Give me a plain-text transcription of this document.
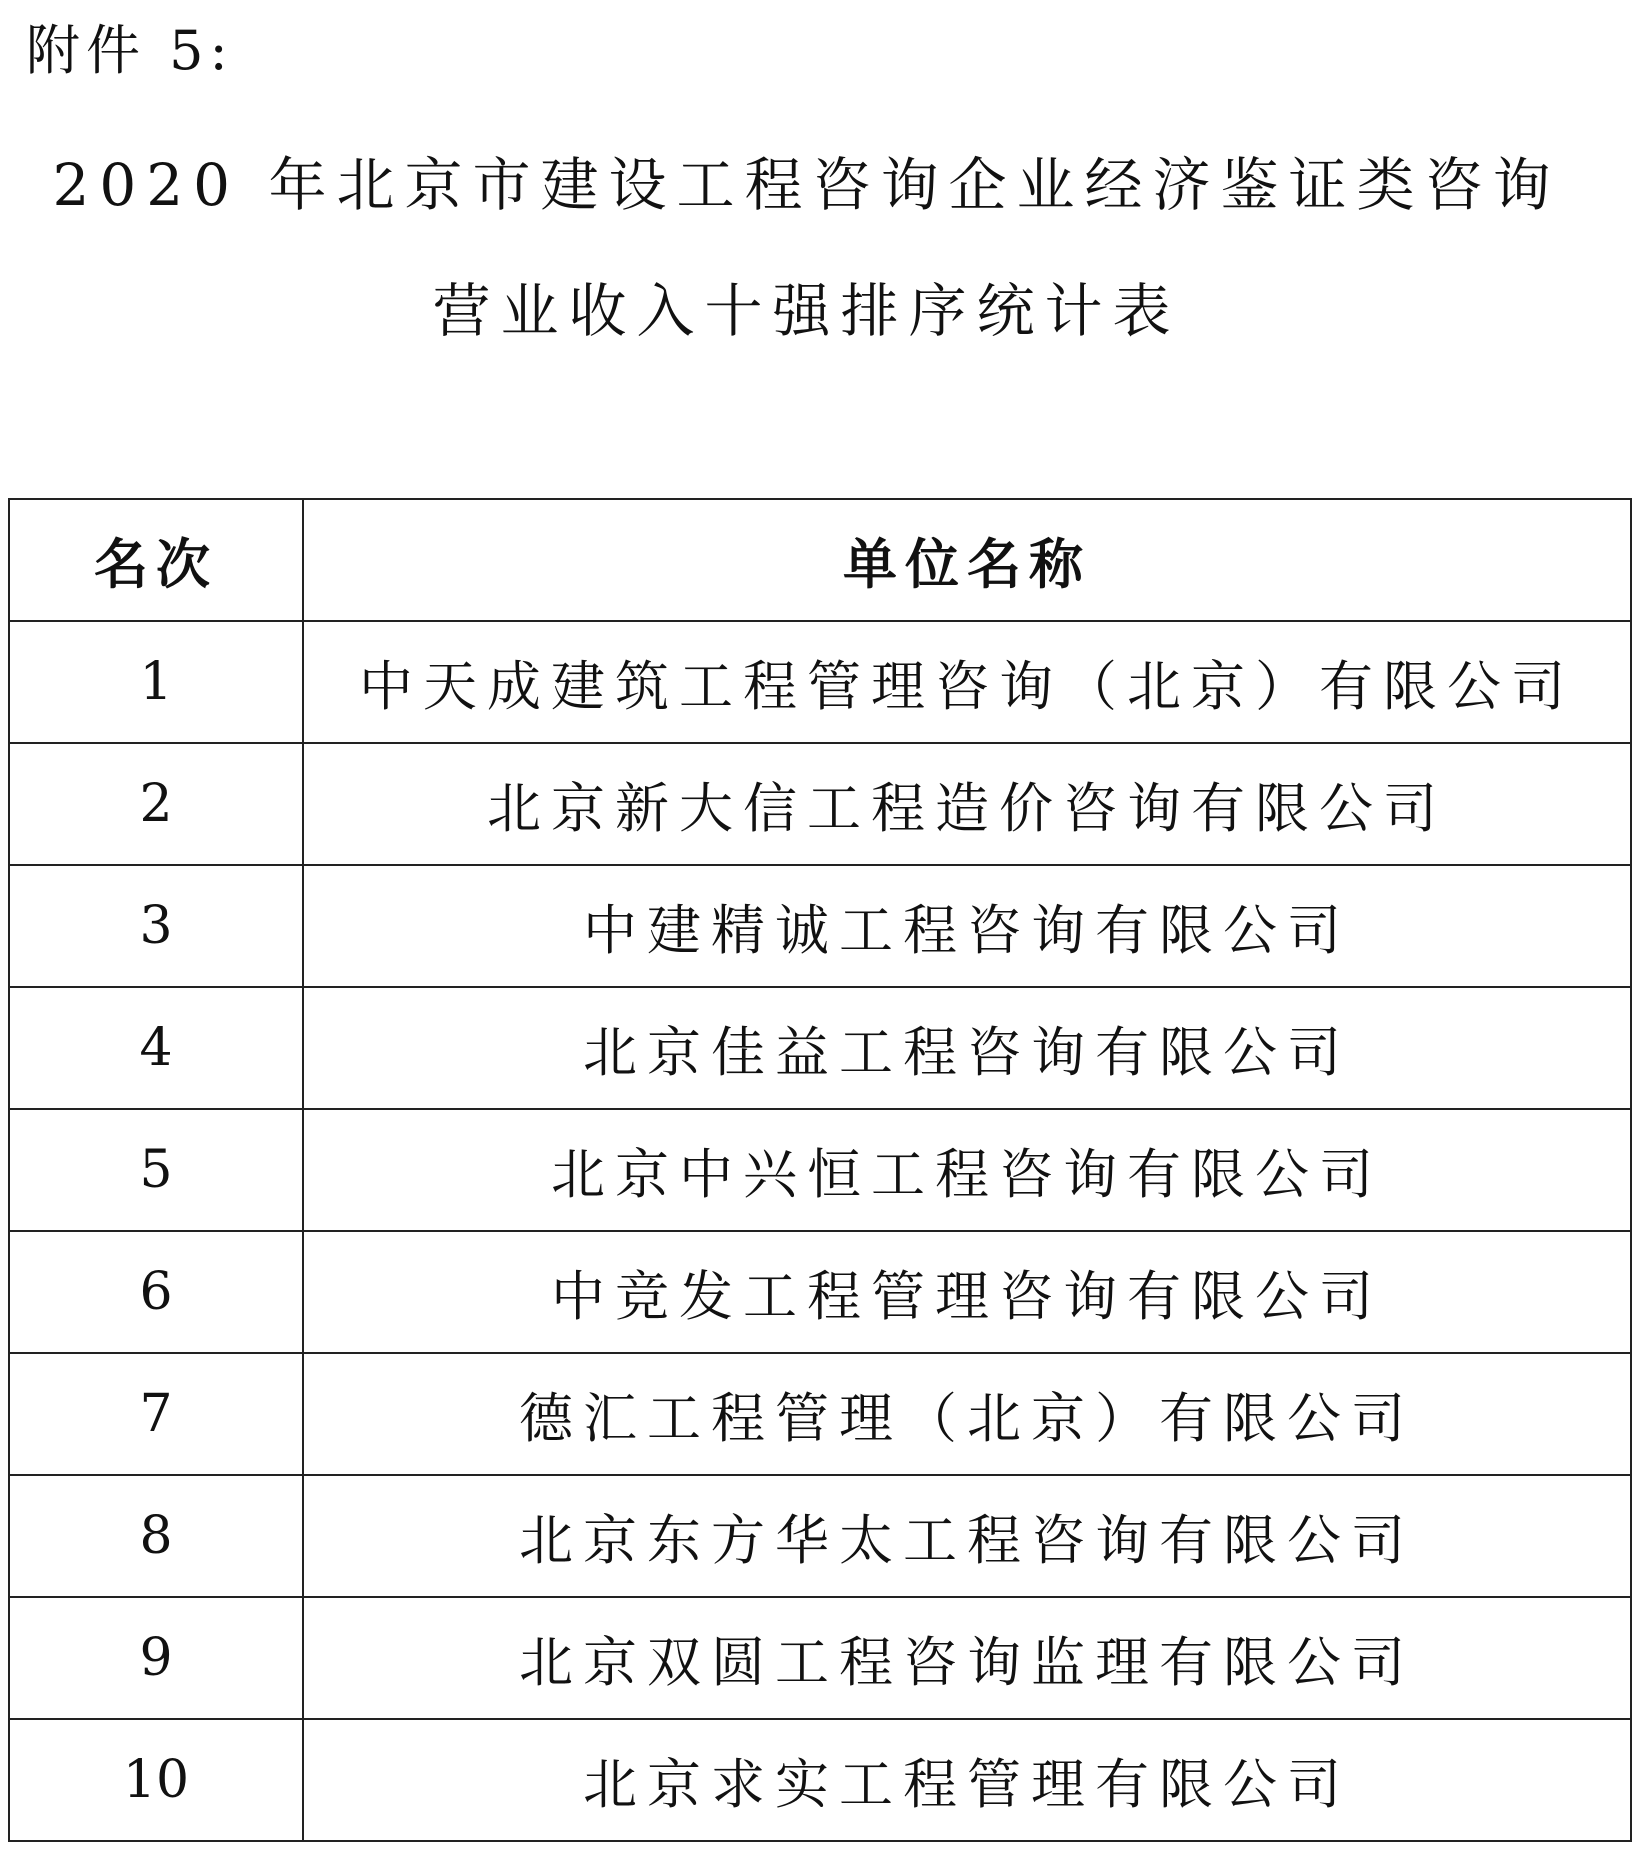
附件 5:
2020 年北京市建设工程咨询企业经济鉴证类咨询
营业收入十强排序统计表
名次	单位名称
1	中天成建筑工程管理咨询（北京）有限公司
2	北京新大信工程造价咨询有限公司
3	中建精诚工程咨询有限公司
4	北京佳益工程咨询有限公司
5	北京中兴恒工程咨询有限公司
6	中竞发工程管理咨询有限公司
7	德汇工程管理（北京）有限公司
8	北京东方华太工程咨询有限公司
9	北京双圆工程咨询监理有限公司
10	北京求实工程管理有限公司
